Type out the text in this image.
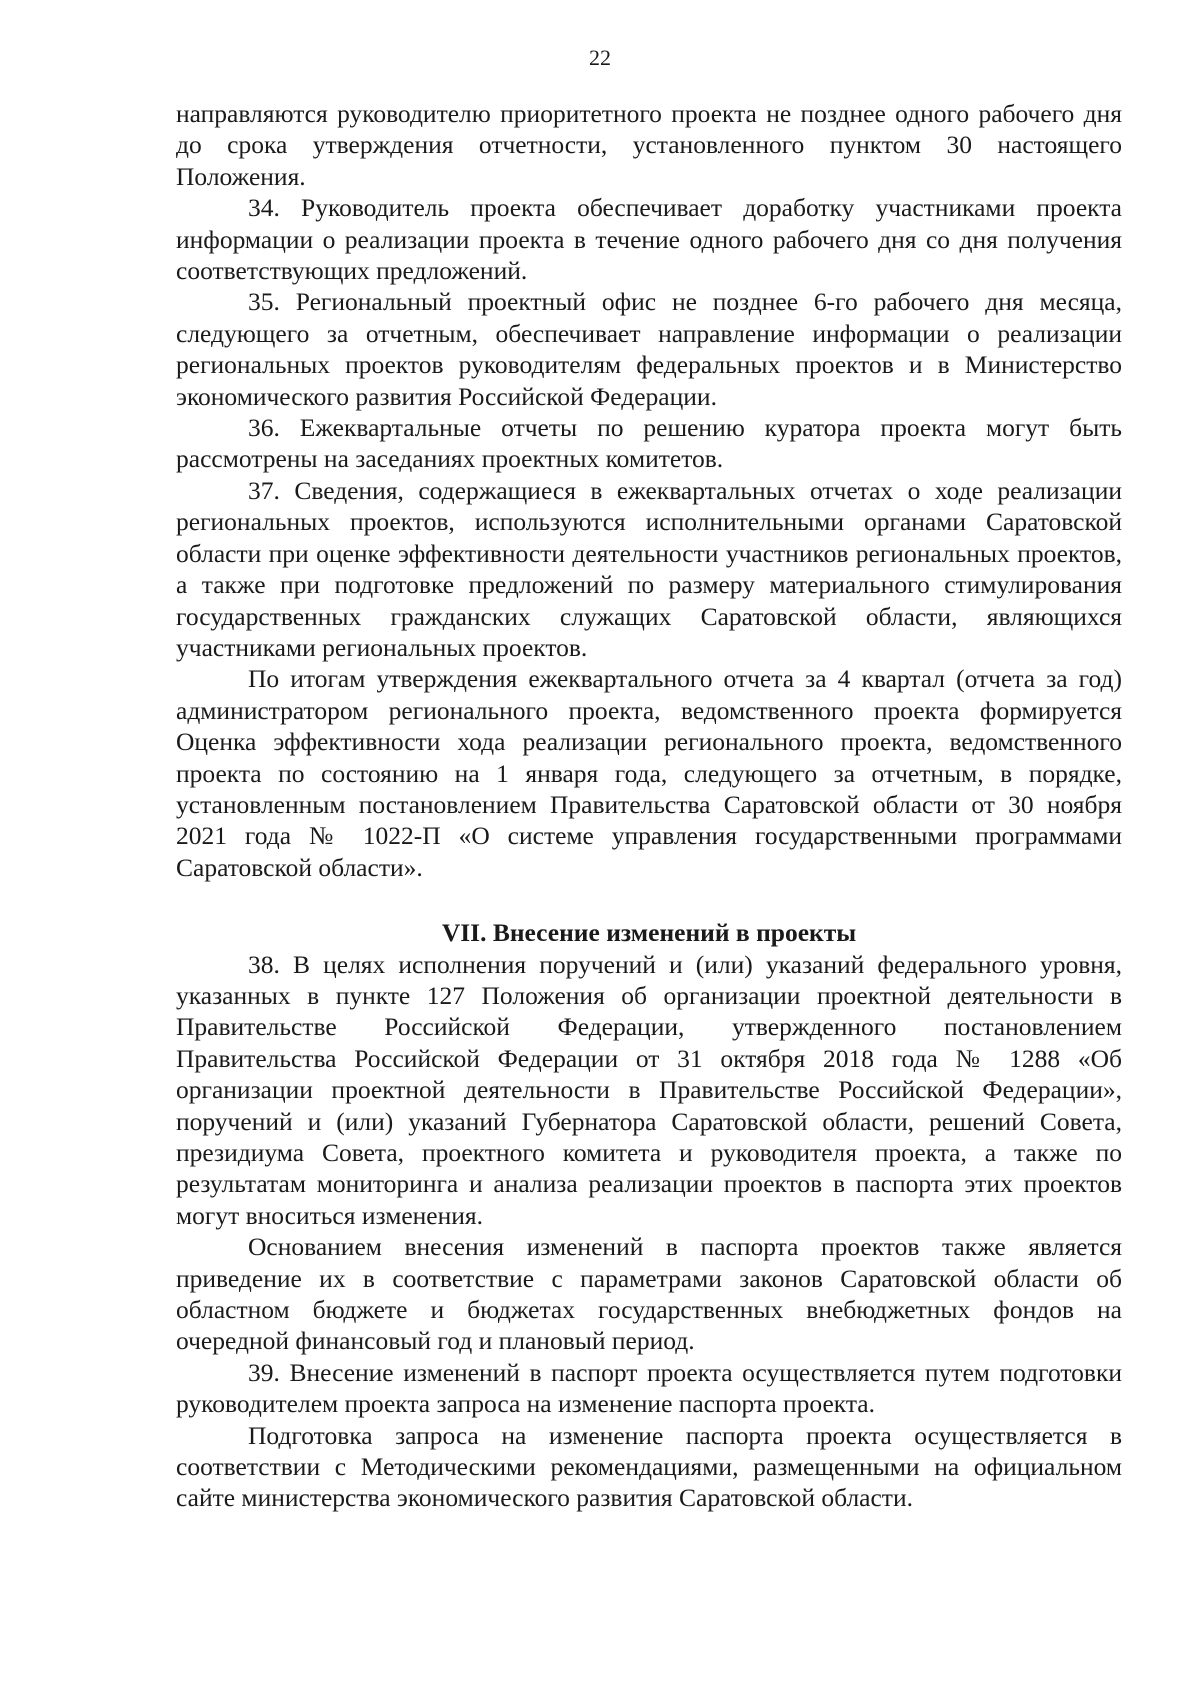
22

направляются руководителю приоритетного проекта не позднее одного рабочего дня до срока утверждения отчетности, установленного пунктом 30 настоящего Положения.

34. Руководитель проекта обеспечивает доработку участниками проекта информации о реализации проекта в течение одного рабочего дня со дня получения соответствующих предложений.

35. Региональный проектный офис не позднее 6-го рабочего дня месяца, следующего за отчетным, обеспечивает направление информации о реализации региональных проектов руководителям федеральных проектов и в Министерство экономического развития Российской Федерации.

36. Ежеквартальные отчеты по решению куратора проекта могут быть рассмотрены на заседаниях проектных комитетов.

37. Сведения, содержащиеся в ежеквартальных отчетах о ходе реализации региональных проектов, используются исполнительными органами Саратовской области при оценке эффективности деятельности участников региональных проектов, а также при подготовке предложений по размеру материального стимулирования государственных гражданских служащих Саратовской области, являющихся участниками региональных проектов.

По итогам утверждения ежеквартального отчета за 4 квартал (отчета за год) администратором регионального проекта, ведомственного проекта формируется Оценка эффективности хода реализации регионального проекта, ведомственного проекта по состоянию на 1 января года, следующего за отчетным, в порядке, установленным постановлением Правительства Саратовской области от 30 ноября 2021 года № 1022-П «О системе управления государственными программами Саратовской области».

VII. Внесение изменений в проекты

38. В целях исполнения поручений и (или) указаний федерального уровня, указанных в пункте 127 Положения об организации проектной деятельности в Правительстве Российской Федерации, утвержденного постановлением Правительства Российской Федерации от 31 октября 2018 года № 1288 «Об организации проектной деятельности в Правительстве Российской Федерации», поручений и (или) указаний Губернатора Саратовской области, решений Совета, президиума Совета, проектного комитета и руководителя проекта, а также по результатам мониторинга и анализа реализации проектов в паспорта этих проектов могут вноситься изменения.

Основанием внесения изменений в паспорта проектов также является приведение их в соответствие с параметрами законов Саратовской области об областном бюджете и бюджетах государственных внебюджетных фондов на очередной финансовый год и плановый период.

39. Внесение изменений в паспорт проекта осуществляется путем подготовки руководителем проекта запроса на изменение паспорта проекта.

Подготовка запроса на изменение паспорта проекта осуществляется в соответствии с Методическими рекомендациями, размещенными на официальном сайте министерства экономического развития Саратовской области.
